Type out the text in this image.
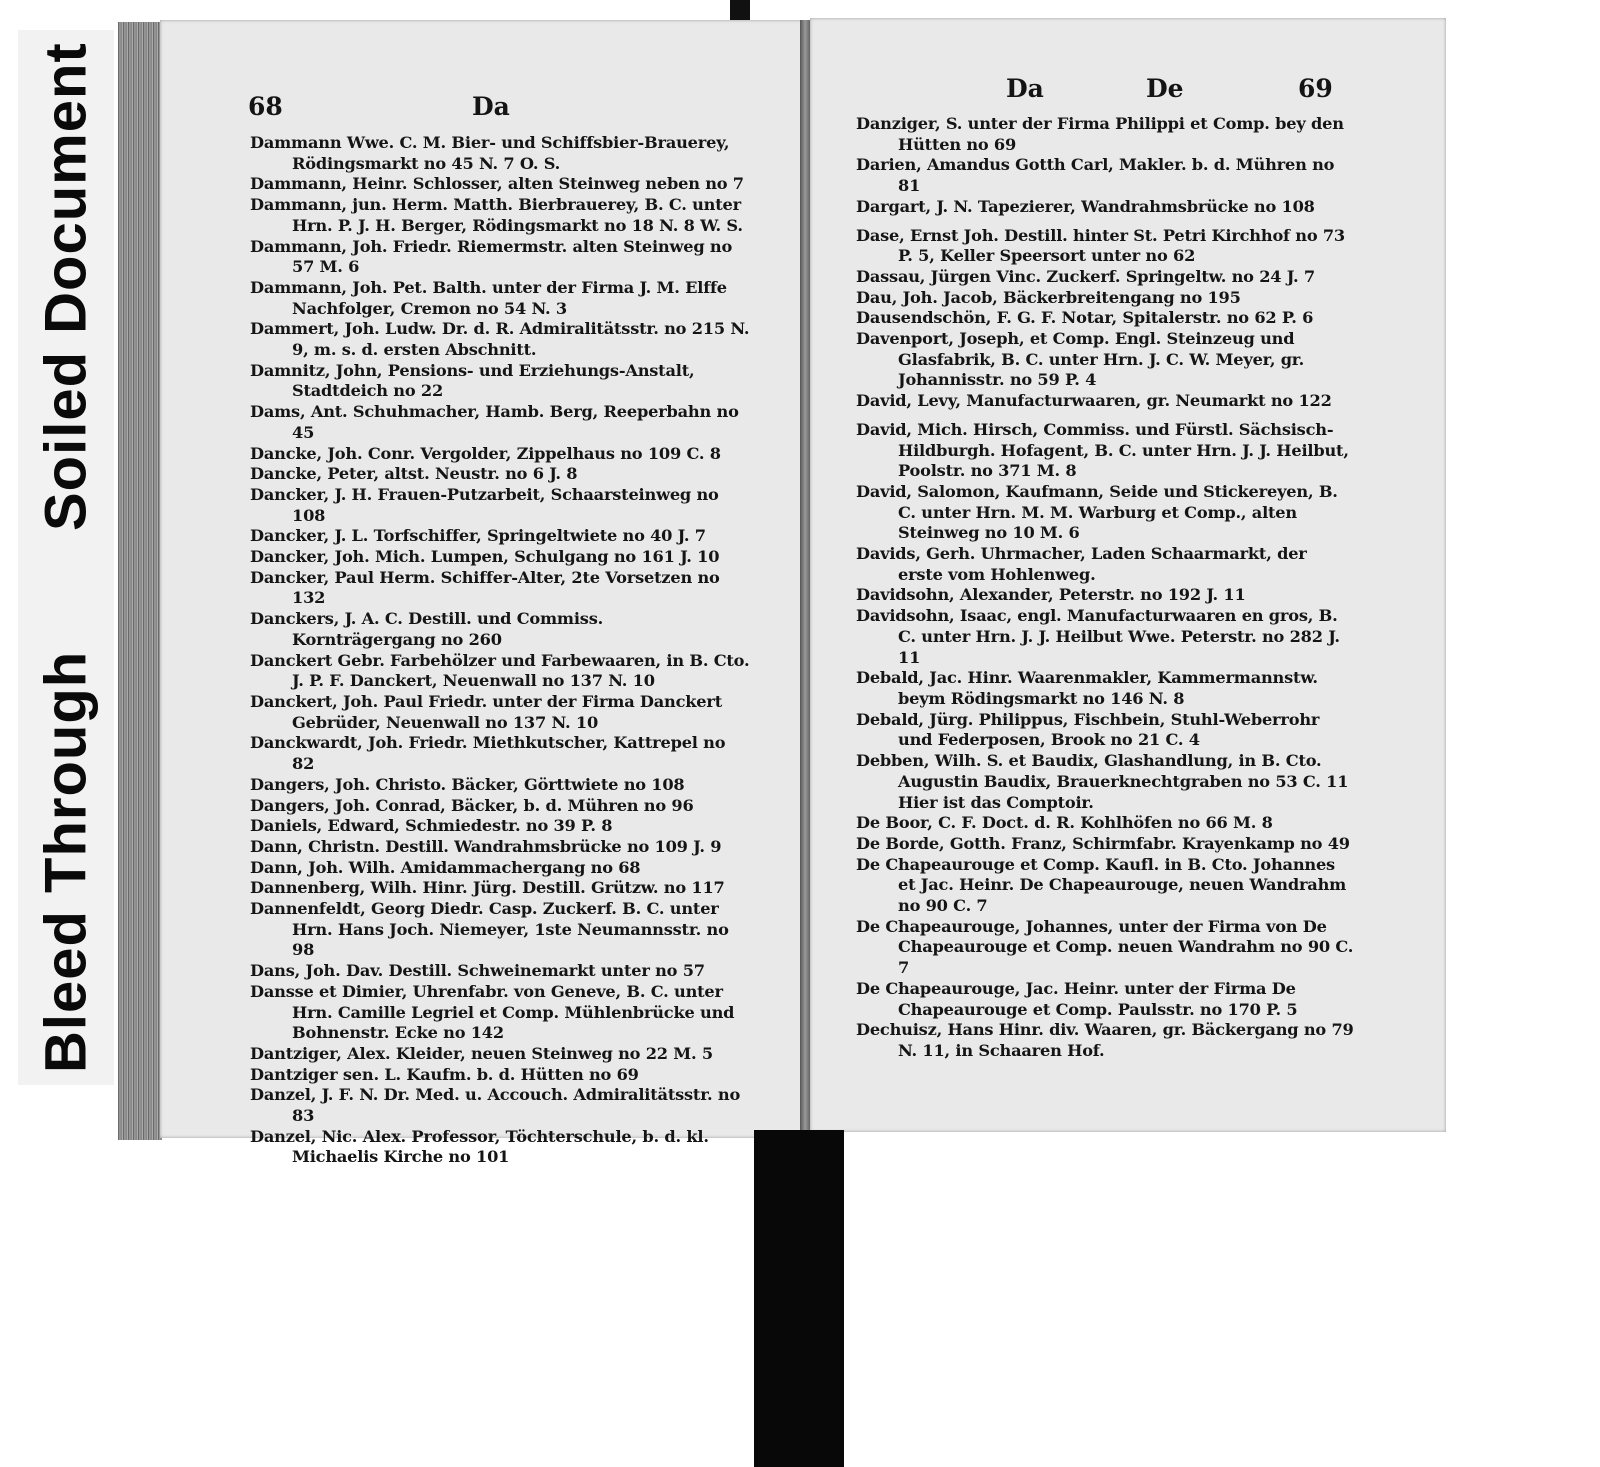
Bleed Through
Soiled Document	68	Da
Dammann Wwe. C. M. Bier- und Schiffsbier-Brauerey, Rödingsmarkt no 45 N. 7 O. S.
Dammann, Heinr. Schlosser, alten Steinweg neben no 7
Dammann, jun. Herm. Matth. Bierbrauerey, B. C. unter Hrn. P. J. H. Berger, Rödingsmarkt no 18 N. 8 W. S.
Dammann, Joh. Friedr. Riemermstr. alten Steinweg no 57 M. 6
Dammann, Joh. Pet. Balth. unter der Firma J. M. Elffe Nachfolger, Cremon no 54 N. 3
Dammert, Joh. Ludw. Dr. d. R. Admiralitätsstr. no 215 N. 9, m. s. d. ersten Abschnitt.
Damnitz, John, Pensions- und Erziehungs-Anstalt, Stadtdeich no 22
Dams, Ant. Schuhmacher, Hamb. Berg, Reeperbahn no 45
Dancke, Joh. Conr. Vergolder, Zippelhaus no 109 C. 8
Dancke, Peter, altst. Neustr. no 6 J. 8
Dancker, J. H. Frauen-Putzarbeit, Schaarsteinweg no 108
Dancker, J. L. Torfschiffer, Springeltwiete no 40 J. 7
Dancker, Joh. Mich. Lumpen, Schulgang no 161 J. 10
Dancker, Paul Herm. Schiffer-Alter, 2te Vorsetzen no 132
Danckers, J. A. C. Destill. und Commiss. Kornträgergang no 260
Danckert Gebr. Farbehölzer und Farbewaaren, in B. Cto. J. P. F. Danckert, Neuenwall no 137 N. 10
Danckert, Joh. Paul Friedr. unter der Firma Danckert Gebrüder, Neuenwall no 137 N. 10
Danckwardt, Joh. Friedr. Miethkutscher, Kattrepel no 82
Dangers, Joh. Christo. Bäcker, Görttwiete no 108
Dangers, Joh. Conrad, Bäcker, b. d. Mühren no 96
Daniels, Edward, Schmiedestr. no 39 P. 8
Dann, Christn. Destill. Wandrahmsbrücke no 109 J. 9
Dann, Joh. Wilh. Amidammachergang no 68
Dannenberg, Wilh. Hinr. Jürg. Destill. Grützw. no 117
Dannenfeldt, Georg Diedr. Casp. Zuckerf. B. C. unter Hrn. Hans Joch. Niemeyer, 1ste Neumannsstr. no 98
Dans, Joh. Dav. Destill. Schweinemarkt unter no 57
Dansse et Dimier, Uhrenfabr. von Geneve, B. C. unter Hrn. Camille Legriel et Comp. Mühlenbrücke und Bohnenstr. Ecke no 142
Dantziger, Alex. Kleider, neuen Steinweg no 22 M. 5
Dantziger sen. L. Kaufm. b. d. Hütten no 69
Danzel, J. F. N. Dr. Med. u. Accouch. Admiralitätsstr. no 83
Danzel, Nic. Alex. Professor, Töchterschule, b. d. kl. Michaelis Kirche no 101
Da	De	69
Danziger, S. unter der Firma Philippi et Comp. bey den Hütten no 69
Darien, Amandus Gotth Carl, Makler. b. d. Mühren no 81
Dargart, J. N. Tapezierer, Wandrahmsbrücke no 108
Dase, Ernst Joh. Destill. hinter St. Petri Kirchhof no 73 P. 5, Keller Speersort unter no 62
Dassau, Jürgen Vinc. Zuckerf. Springeltw. no 24 J. 7
Dau, Joh. Jacob, Bäckerbreitengang no 195
Dausendschön, F. G. F. Notar, Spitalerstr. no 62 P. 6
Davenport, Joseph, et Comp. Engl. Steinzeug und Glasfabrik, B. C. unter Hrn. J. C. W. Meyer, gr. Johannisstr. no 59 P. 4
David, Levy, Manufacturwaaren, gr. Neumarkt no 122
David, Mich. Hirsch, Commiss. und Fürstl. Sächsisch-Hildburgh. Hofagent, B. C. unter Hrn. J. J. Heilbut, Poolstr. no 371 M. 8
David, Salomon, Kaufmann, Seide und Stickereyen, B. C. unter Hrn. M. M. Warburg et Comp., alten Steinweg no 10 M. 6
Davids, Gerh. Uhrmacher, Laden Schaarmarkt, der erste vom Hohlenweg.
Davidsohn, Alexander, Peterstr. no 192 J. 11
Davidsohn, Isaac, engl. Manufacturwaaren en gros, B. C. unter Hrn. J. J. Heilbut Wwe. Peterstr. no 282 J. 11
Debald, Jac. Hinr. Waarenmakler, Kammermannstw. beym Rödingsmarkt no 146 N. 8
Debald, Jürg. Philippus, Fischbein, Stuhl-Weberrohr und Federposen, Brook no 21 C. 4
Debben, Wilh. S. et Baudix, Glashandlung, in B. Cto. Augustin Baudix, Brauerknechtgraben no 53 C. 11 Hier ist das Comptoir.
De Boor, C. F. Doct. d. R. Kohlhöfen no 66 M. 8
De Borde, Gotth. Franz, Schirmfabr. Krayenkamp no 49
De Chapeaurouge et Comp. Kaufl. in B. Cto. Johannes et Jac. Heinr. De Chapeaurouge, neuen Wandrahm no 90 C. 7
De Chapeaurouge, Johannes, unter der Firma von De Chapeaurouge et Comp. neuen Wandrahm no 90 C. 7
De Chapeaurouge, Jac. Heinr. unter der Firma De Chapeaurouge et Comp. Paulsstr. no 170 P. 5
Dechuisz, Hans Hinr. div. Waaren, gr. Bäckergang no 79 N. 11, in Schaaren Hof.
